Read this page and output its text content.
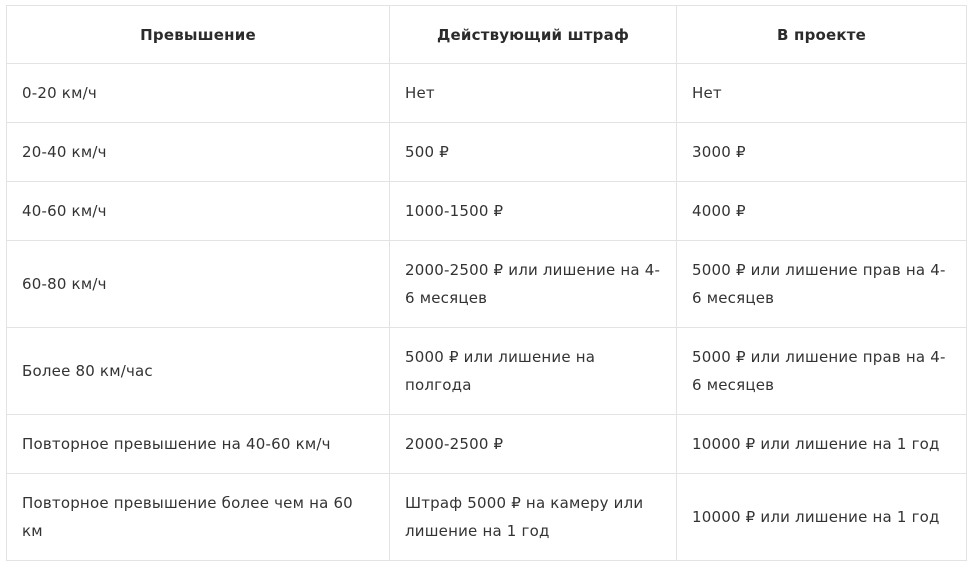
Превышение	Действующий штраф	В проекте
0-20 км/ч	Нет	Нет
20-40 км/ч	500 ₽	3000 ₽
40-60 км/ч	1000-1500 ₽	4000 ₽
60-80 км/ч	2000-2500 ₽ или лишение на 4-6 месяцев	5000 ₽ или лишение прав на 4-6 месяцев
Более 80 км/час	5000 ₽ или лишение на полгода	5000 ₽ или лишение прав на 4-6 месяцев
Повторное превышение на 40-60 км/ч	2000-2500 ₽	10000 ₽ или лишение на 1 год
Повторное превышение более чем на 60 км	Штраф 5000 ₽ на камеру или лишение на 1 год	10000 ₽ или лишение на 1 год
